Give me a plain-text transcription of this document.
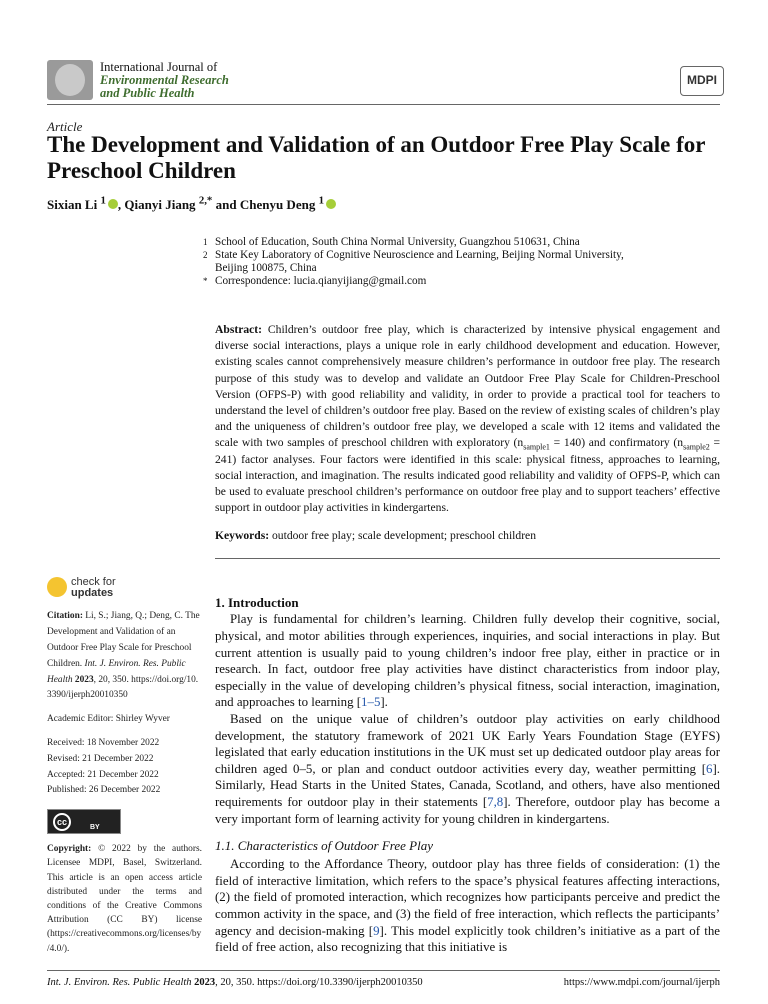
International Journal of
Environmental Research
and Public Health
MDPI
Article
The Development and Validation of an Outdoor Free Play Scale for Preschool Children
Sixian Li $^1$ , Qianyi Jiang $^{2,*}$ and Chenyu Deng $^1$
1 School of Education, South China Normal University, Guangzhou 510631, China
2 State Key Laboratory of Cognitive Neuroscience and Learning, Beijing Normal University, Beijing 100875, China
* Correspondence: lucia.qianyijiang@gmail.com
Abstract: Children’s outdoor free play, which is characterized by intensive physical engagement and diverse social interactions, plays a unique role in early childhood development and education. However, existing scales cannot comprehensively measure children’s performance in outdoor free play. The research purpose of this study was to develop and validate an Outdoor Free Play Scale for Children-Preschool Version (OFPS-P) with good reliability and validity, in order to provide a practical tool for teachers to understand the level of children’s outdoor free play. Based on the review of existing scales of children’s play and the uniqueness of children’s outdoor free play, we developed a scale with 12 items and validated the scale with two samples of preschool children with exploratory $(n_{sample1} = 140)$ and confirmatory $(n_{sample2} = 241)$ factor analyses. Four factors were identified in this scale: physical fitness, approaches to learning, social interaction, and imagination. The results indicated good reliability and validity of OFPS-P, which can be used to evaluate preschool children’s performance on outdoor free play and to support teachers’ effective support in outdoor play activities in kindergartens.
Keywords: outdoor free play; scale development; preschool children
check for
updates
Citation: Li, S.; Jiang, Q.; Deng, C. The Development and Validation of an Outdoor Free Play Scale for Preschool Children. Int. J. Environ. Res. Public Health 2023, 20, 350. https://doi.org/10.3390/ijerph20010350
Academic Editor: Shirley Wyver
Received: 18 November 2022
Revised: 21 December 2022
Accepted: 21 December 2022
Published: 26 December 2022
cc
BY
Copyright: © 2022 by the authors. Licensee MDPI, Basel, Switzerland. This article is an open access article distributed under the terms and conditions of the Creative Commons Attribution (CC BY) license (https://creativecommons.org/licenses/by/4.0/).
1. Introduction
Play is fundamental for children’s learning. Children fully develop their cognitive, social, physical, and motor abilities through experiences, inquiries, and social interactions in play. But current attention is usually paid to young children’s indoor free play, either in practice or in research. In fact, outdoor free play activities have distinct characteristics from indoor play, especially in the value of developing children’s physical fitness, social interaction, imagination, and approaches to learning [1–5].
Based on the unique value of children’s outdoor play activities on early childhood development, the statutory framework of 2021 UK Early Years Foundation Stage (EYFS) legislated that early education institutions in the UK must set up dedicated outdoor play areas for children aged 0–5, or plan and conduct outdoor activities every day, weather permitting [6]. Similarly, Head Starts in the United States, Canada, Scotland, and others, have also mentioned requirements for outdoor play in their statements [7,8]. Therefore, outdoor play has become a very important form of learning activity for young children in kindergartens.
1.1. Characteristics of Outdoor Free Play
According to the Affordance Theory, outdoor play has three fields of consideration: (1) the field of interactive limitation, which refers to the space’s physical features affecting interactions, (2) the field of promoted interaction, which recognizes how participants perceive and predict the common activity in the space, and (3) the field of free interaction, which reflects the participants’ agency and decision-making [9]. This model explicitly took children’s initiative as a part of the field of free action, also recognizing that this initiative is
Int. J. Environ. Res. Public Health 2023, 20, 350. https://doi.org/10.3390/ijerph20010350	https://www.mdpi.com/journal/ijerph
